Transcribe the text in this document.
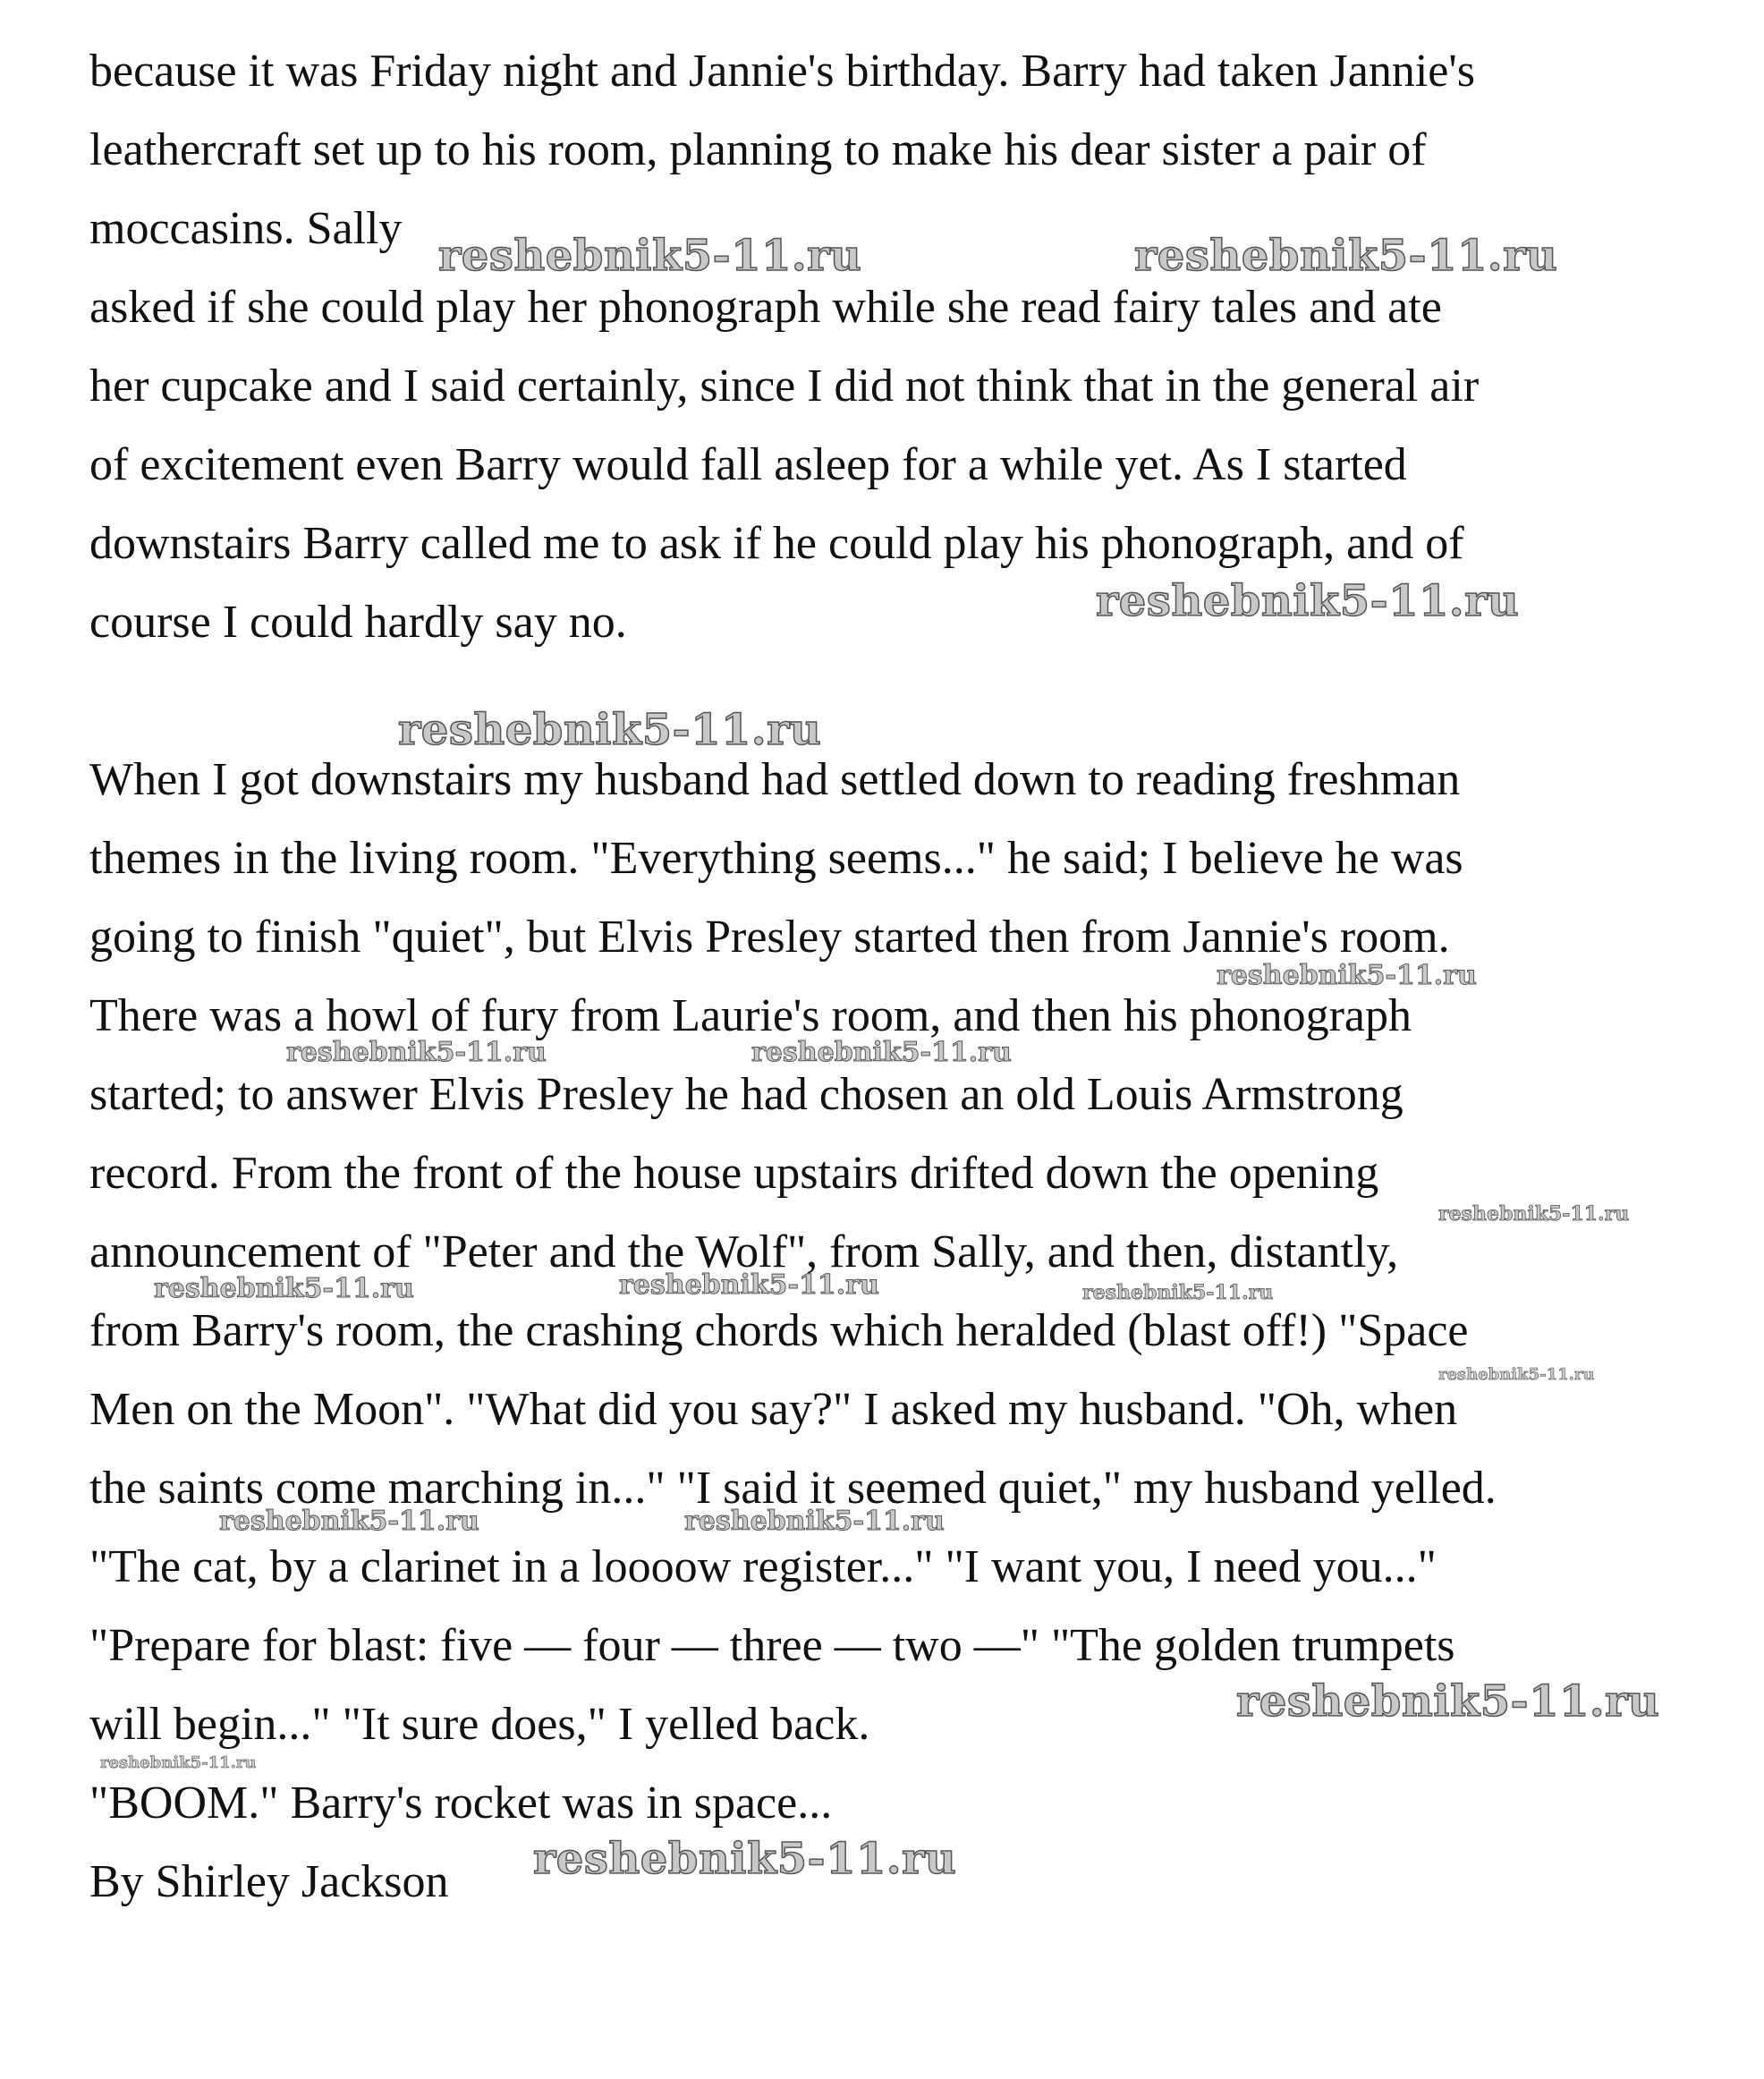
because it was Friday night and Jannie's birthday. Barry had taken Jannie's

leathercraft set up to his room, planning to make his dear sister a pair of

moccasins. Sally

asked if she could play her phonograph while she read fairy tales and ate

her cupcake and I said certainly, since I did not think that in the general air

of excitement even Barry would fall asleep for a while yet. As I started

downstairs Barry called me to ask if he could play his phonograph, and of

course I could hardly say no.

When I got downstairs my husband had settled down to reading freshman

themes in the living room. "Everything seems..." he said; I believe he was

going to finish "quiet", but Elvis Presley started then from Jannie's room.

There was a howl of fury from Laurie's room, and then his phonograph

started; to answer Elvis Presley he had chosen an old Louis Armstrong

record. From the front of the house upstairs drifted down the opening

announcement of "Peter and the Wolf", from Sally, and then, distantly,

from Barry's room, the crashing chords which heralded (blast off!) "Space

Men on the Moon". "What did you say?" I asked my husband. "Oh, when

the saints come marching in..." "I said it seemed quiet," my husband yelled.

"The cat, by a clarinet in a loooow register..." "I want you, I need you..."

"Prepare for blast: five — four — three — two —" "The golden trumpets

will begin..." "It sure does," I yelled back.

"BOOM." Barry's rocket was in space...

By Shirley Jackson

reshebnik5-11.ru	reshebnik5-11.ru
reshebnik5-11.ru
reshebnik5-11.ru
reshebnik5-11.ru
reshebnik5-11.ru	reshebnik5-11.ru
reshebnik5-11.ru
reshebnik5-11.ru	reshebnik5-11.ru	reshebnik5-11.ru
reshebnik5-11.ru
reshebnik5-11.ru	reshebnik5-11.ru
reshebnik5-11.ru
reshebnik5-11.ru
reshebnik5-11.ru
